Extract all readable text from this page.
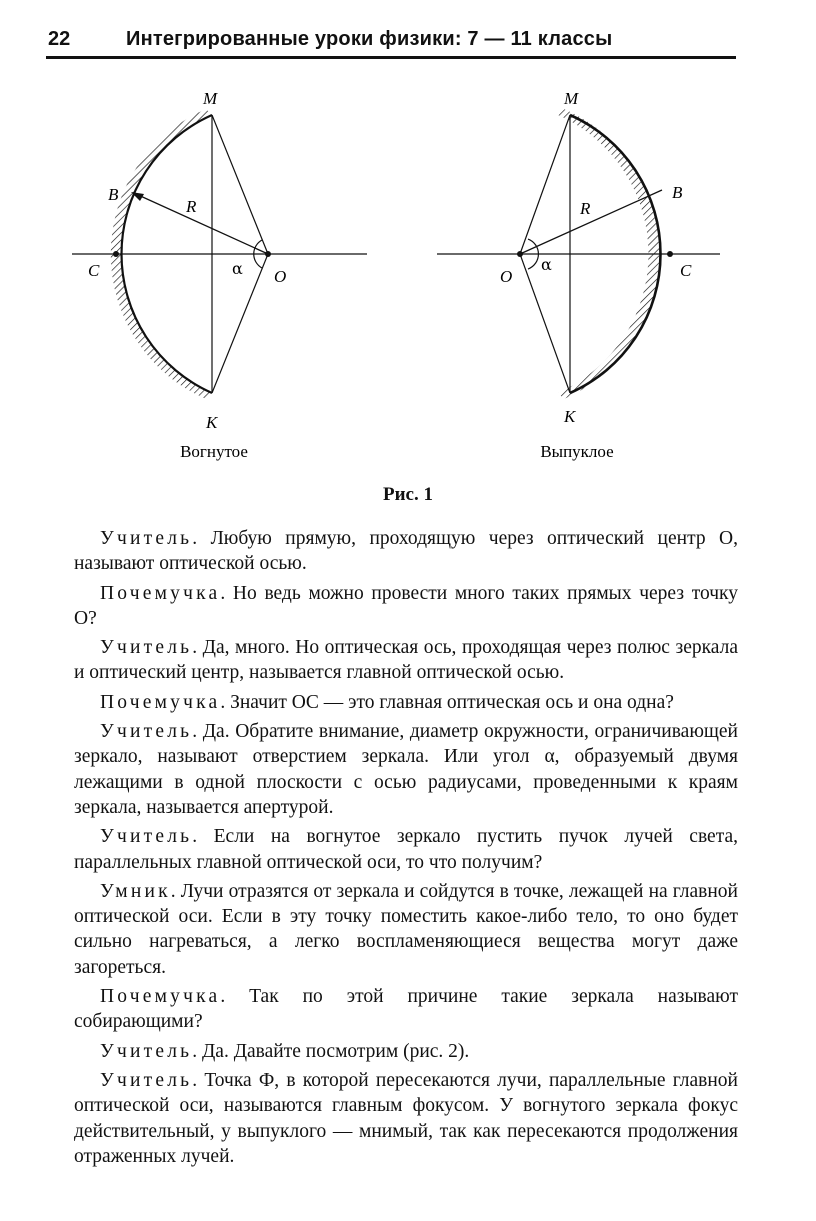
22	Интегрированные уроки физики: 7 — 11 классы
M
B
C
K
O
R
α
Вогнутое
M
B
C
K
O
R
α
Выпуклое
Рис. 1

Учитель. Любую прямую, проходящую через оптический центр O, называют оптической осью.

Почемучка. Но ведь можно провести много таких прямых через точку O?

Учитель. Да, много. Но оптическая ось, проходящая через полюс зеркала и оптический центр, называется главной оптической осью.

Почемучка. Значит OC — это главная оптическая ось и она одна?

Учитель. Да. Обратите внимание, диаметр окружности, ограничивающей зеркало, называют отверстием зеркала. Или угол α, образуемый двумя лежащими в одной плоскости с осью радиусами, проведенными к краям зеркала, называется апертурой.

Учитель. Если на вогнутое зеркало пустить пучок лучей света, параллельных главной оптической оси, то что получим?

Умник. Лучи отразятся от зеркала и сойдутся в точке, лежащей на главной оптической оси. Если в эту точку поместить какое-либо тело, то оно будет сильно нагреваться, а легко воспламеняющиеся вещества могут даже загореться.

Почемучка. Так по этой причине такие зеркала называют собирающими?

Учитель. Да. Давайте посмотрим (рис. 2).

Учитель. Точка Ф, в которой пересекаются лучи, параллельные главной оптической оси, называются главным фокусом. У вогнутого зеркала фокус действительный, у выпуклого — мнимый, так как пересекаются продолжения отраженных лучей.
